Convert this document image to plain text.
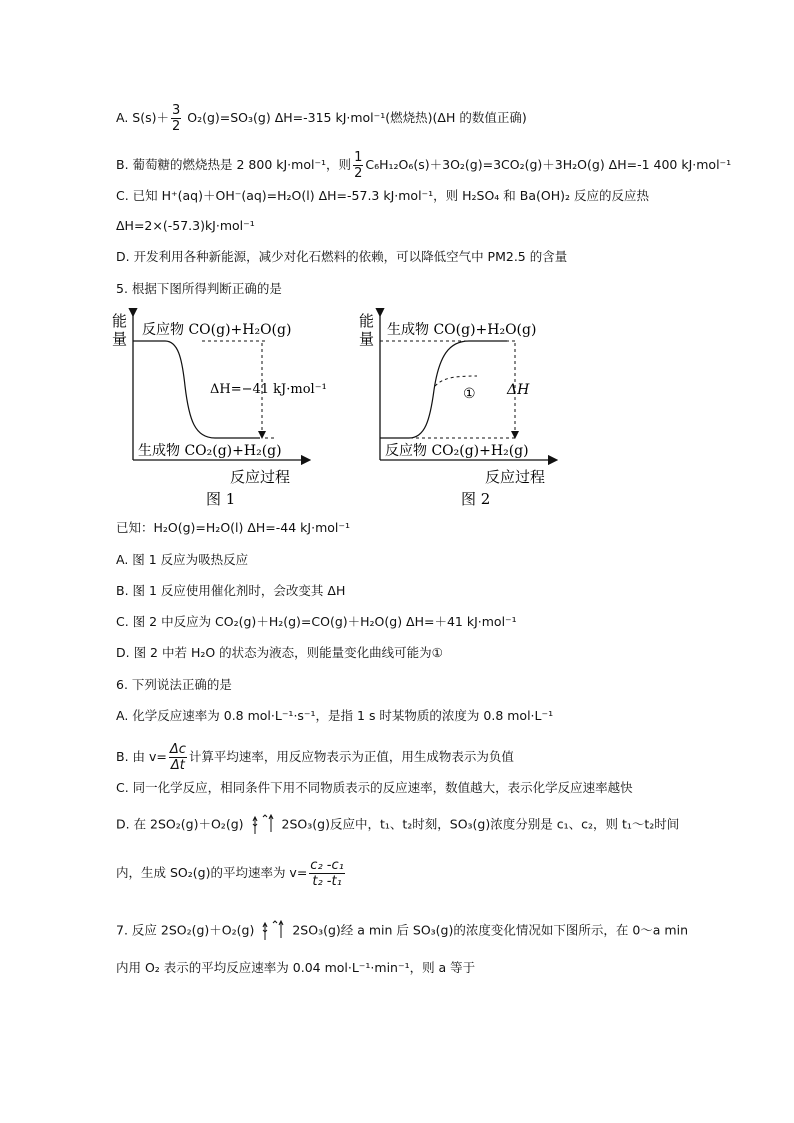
A. $S(s)+ \frac{3}{2} O_2(g)=SO_3(g)$ ΔH=-315 kJ·mol⁻¹(燃烧热)(ΔH 的数值正确)
B. 葡萄糖的燃烧热是 2 800 kJ·mol⁻¹，则 $\frac{1}{2} C_6H_{12}O_6(s)+3O_2(g)=3CO_2(g)+3H_2O(g)$ ΔH=-1 400 kJ·mol⁻¹
C. 已知 H⁺(aq)＋OH⁻(aq)=H₂O(l) ΔH=-57.3 kJ·mol⁻¹，则 H₂SO₄ 和 Ba(OH)₂ 反应的反应热
ΔH=2×(-57.3)kJ·mol⁻¹
D. 开发利用各种新能源，减少对化石燃料的依赖，可以降低空气中 PM2.5 的含量
5. 根据下图所得判断正确的是
能
量 反应物 CO(g)+H₂O(g)
生成物 CO₂(g)+H₂(g)
ΔH=−41 kJ·mol⁻¹
反应过程
图 1
能
量 生成物 CO(g)+H₂O(g)
反应物 CO₂(g)+H₂(g)
① ΔH
反应过程
图 2
已知：H₂O(g)=H₂O(l) ΔH=-44 kJ·mol⁻¹
A. 图 1 反应为吸热反应
B. 图 1 反应使用催化剂时，会改变其 ΔH
C. 图 2 中反应为 CO₂(g)＋H₂(g)=CO(g)＋H₂O(g) ΔH=＋41 kJ·mol⁻¹
D. 图 2 中若 H₂O 的状态为液态，则能量变化曲线可能为①
6. 下列说法正确的是
A. 化学反应速率为 0.8 mol·L⁻¹·s⁻¹，是指 1 s 时某物质的浓度为 0.8 mol·L⁻¹
B. 由 $v= \frac{\Delta c}{\Delta t}$ 计算平均速率，用反应物表示为正值，用生成物表示为负值
C. 同一化学反应，相同条件下用不同物质表示的反应速率，数值越大，表示化学反应速率越快
D. 在 2SO₂(g)＋O₂(g)	2SO₃(g)反应中，t₁、t₂时刻，SO₃(g)浓度分别是 c₁、c₂，则 t₁〜t₂时间
内，生成 SO₂(g)的平均速率为 $v= \frac{\text{c₂ -c₁}}{\text{t₂ -t₁}}$
7. 反应 2SO₂(g)＋O₂(g)	2SO₃(g)经 a min 后 SO₃(g)的浓度变化情况如下图所示，在 0〜a min
内用 O₂ 表示的平均反应速率为 0.04 mol·L⁻¹·min⁻¹，则 a 等于
